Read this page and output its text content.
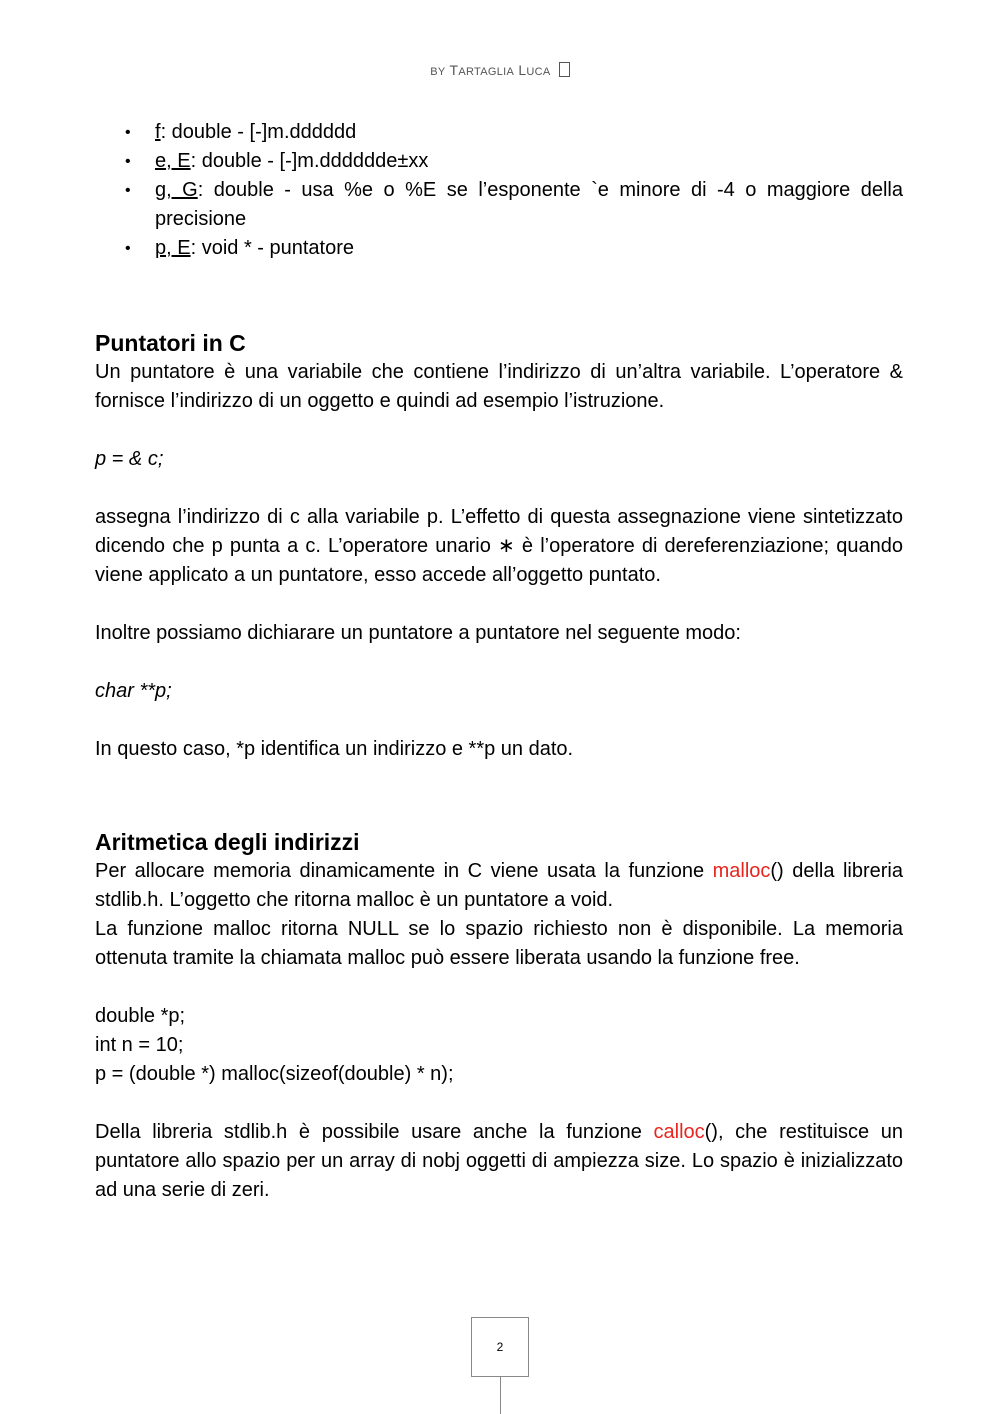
BY TARTAGLIA LUCA
• f: double - [-]m.dddddd
• e, E: double - [-]m.dddddde±xx
• g, G: double - usa %e o %E se l’esponente `e minore di -4 o maggiore della precisione
• p, E: void * - puntatore
Puntatori in C

Un puntatore è una variabile che contiene l’indirizzo di un’altra variabile. L’operatore & fornisce l’indirizzo di un oggetto e quindi ad esempio l’istruzione.

p = & c;

assegna l’indirizzo di c alla variabile p. L’effetto di questa assegnazione viene sintetizzato dicendo che p punta a c. L’operatore unario ∗ è l’operatore di dereferenziazione; quando viene applicato a un puntatore, esso accede all’oggetto puntato.

Inoltre possiamo dichiarare un puntatore a puntatore nel seguente modo:

char **p;

In questo caso, *p identifica un indirizzo e **p un dato.

Aritmetica degli indirizzi

Per allocare memoria dinamicamente in C viene usata la funzione malloc() della libreria stdlib.h. L’oggetto che ritorna malloc è un puntatore a void.

La funzione malloc ritorna NULL se lo spazio richiesto non è disponibile. La memoria ottenuta tramite la chiamata malloc può essere liberata usando la funzione free.

double *p;

int n = 10;

p = (double *) malloc(sizeof(double) * n);

Della libreria stdlib.h è possibile usare anche la funzione calloc(), che restituisce un puntatore allo spazio per un array di nobj oggetti di ampiezza size. Lo spazio è inizializzato ad una serie di zeri.

2
